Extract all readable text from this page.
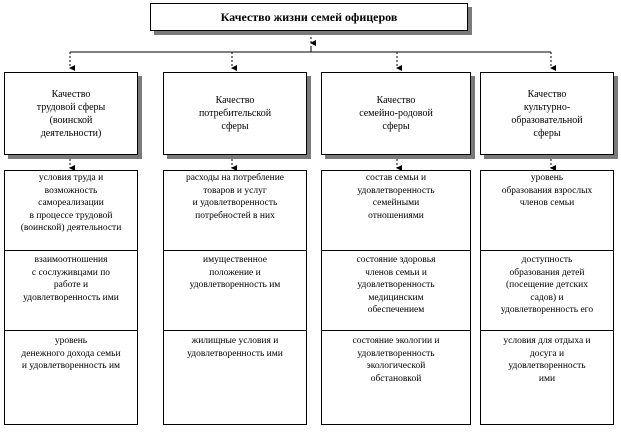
Качество жизни семей офицеров
Качество
трудовой сферы
(воинской
деятельности)
Качество
потребительской
сферы
Качество
семейно-родовой
сферы
Качество
культурно-
образовательной
сферы
условия труда и
возможность
самореализации
в процессе трудовой
(воинской) деятельности
взаимоотношения
с сослуживцами по
работе и
удовлетворенность ими
уровень
денежного дохода семьи
и удовлетворенность им
расходы на потребление
товаров и услуг
и удовлетворенность
потребностей в них
имущественное
положение и
удовлетворенность им
жилищные условия и
удовлетворенность ими
состав семьи и
удовлетворенность
семейными
отношениями
состояние здоровья
членов семьи и
удовлетворенность
медицинским
обеспечением
состояние экологии и
удовлетворенность
экологической
обстановкой
уровень
образования взрослых
членов семьи
доступность
образования детей
(посещение детских
садов) и
удовлетворенность его
условия для отдыха и
досуга и
удовлетворенность
ими
